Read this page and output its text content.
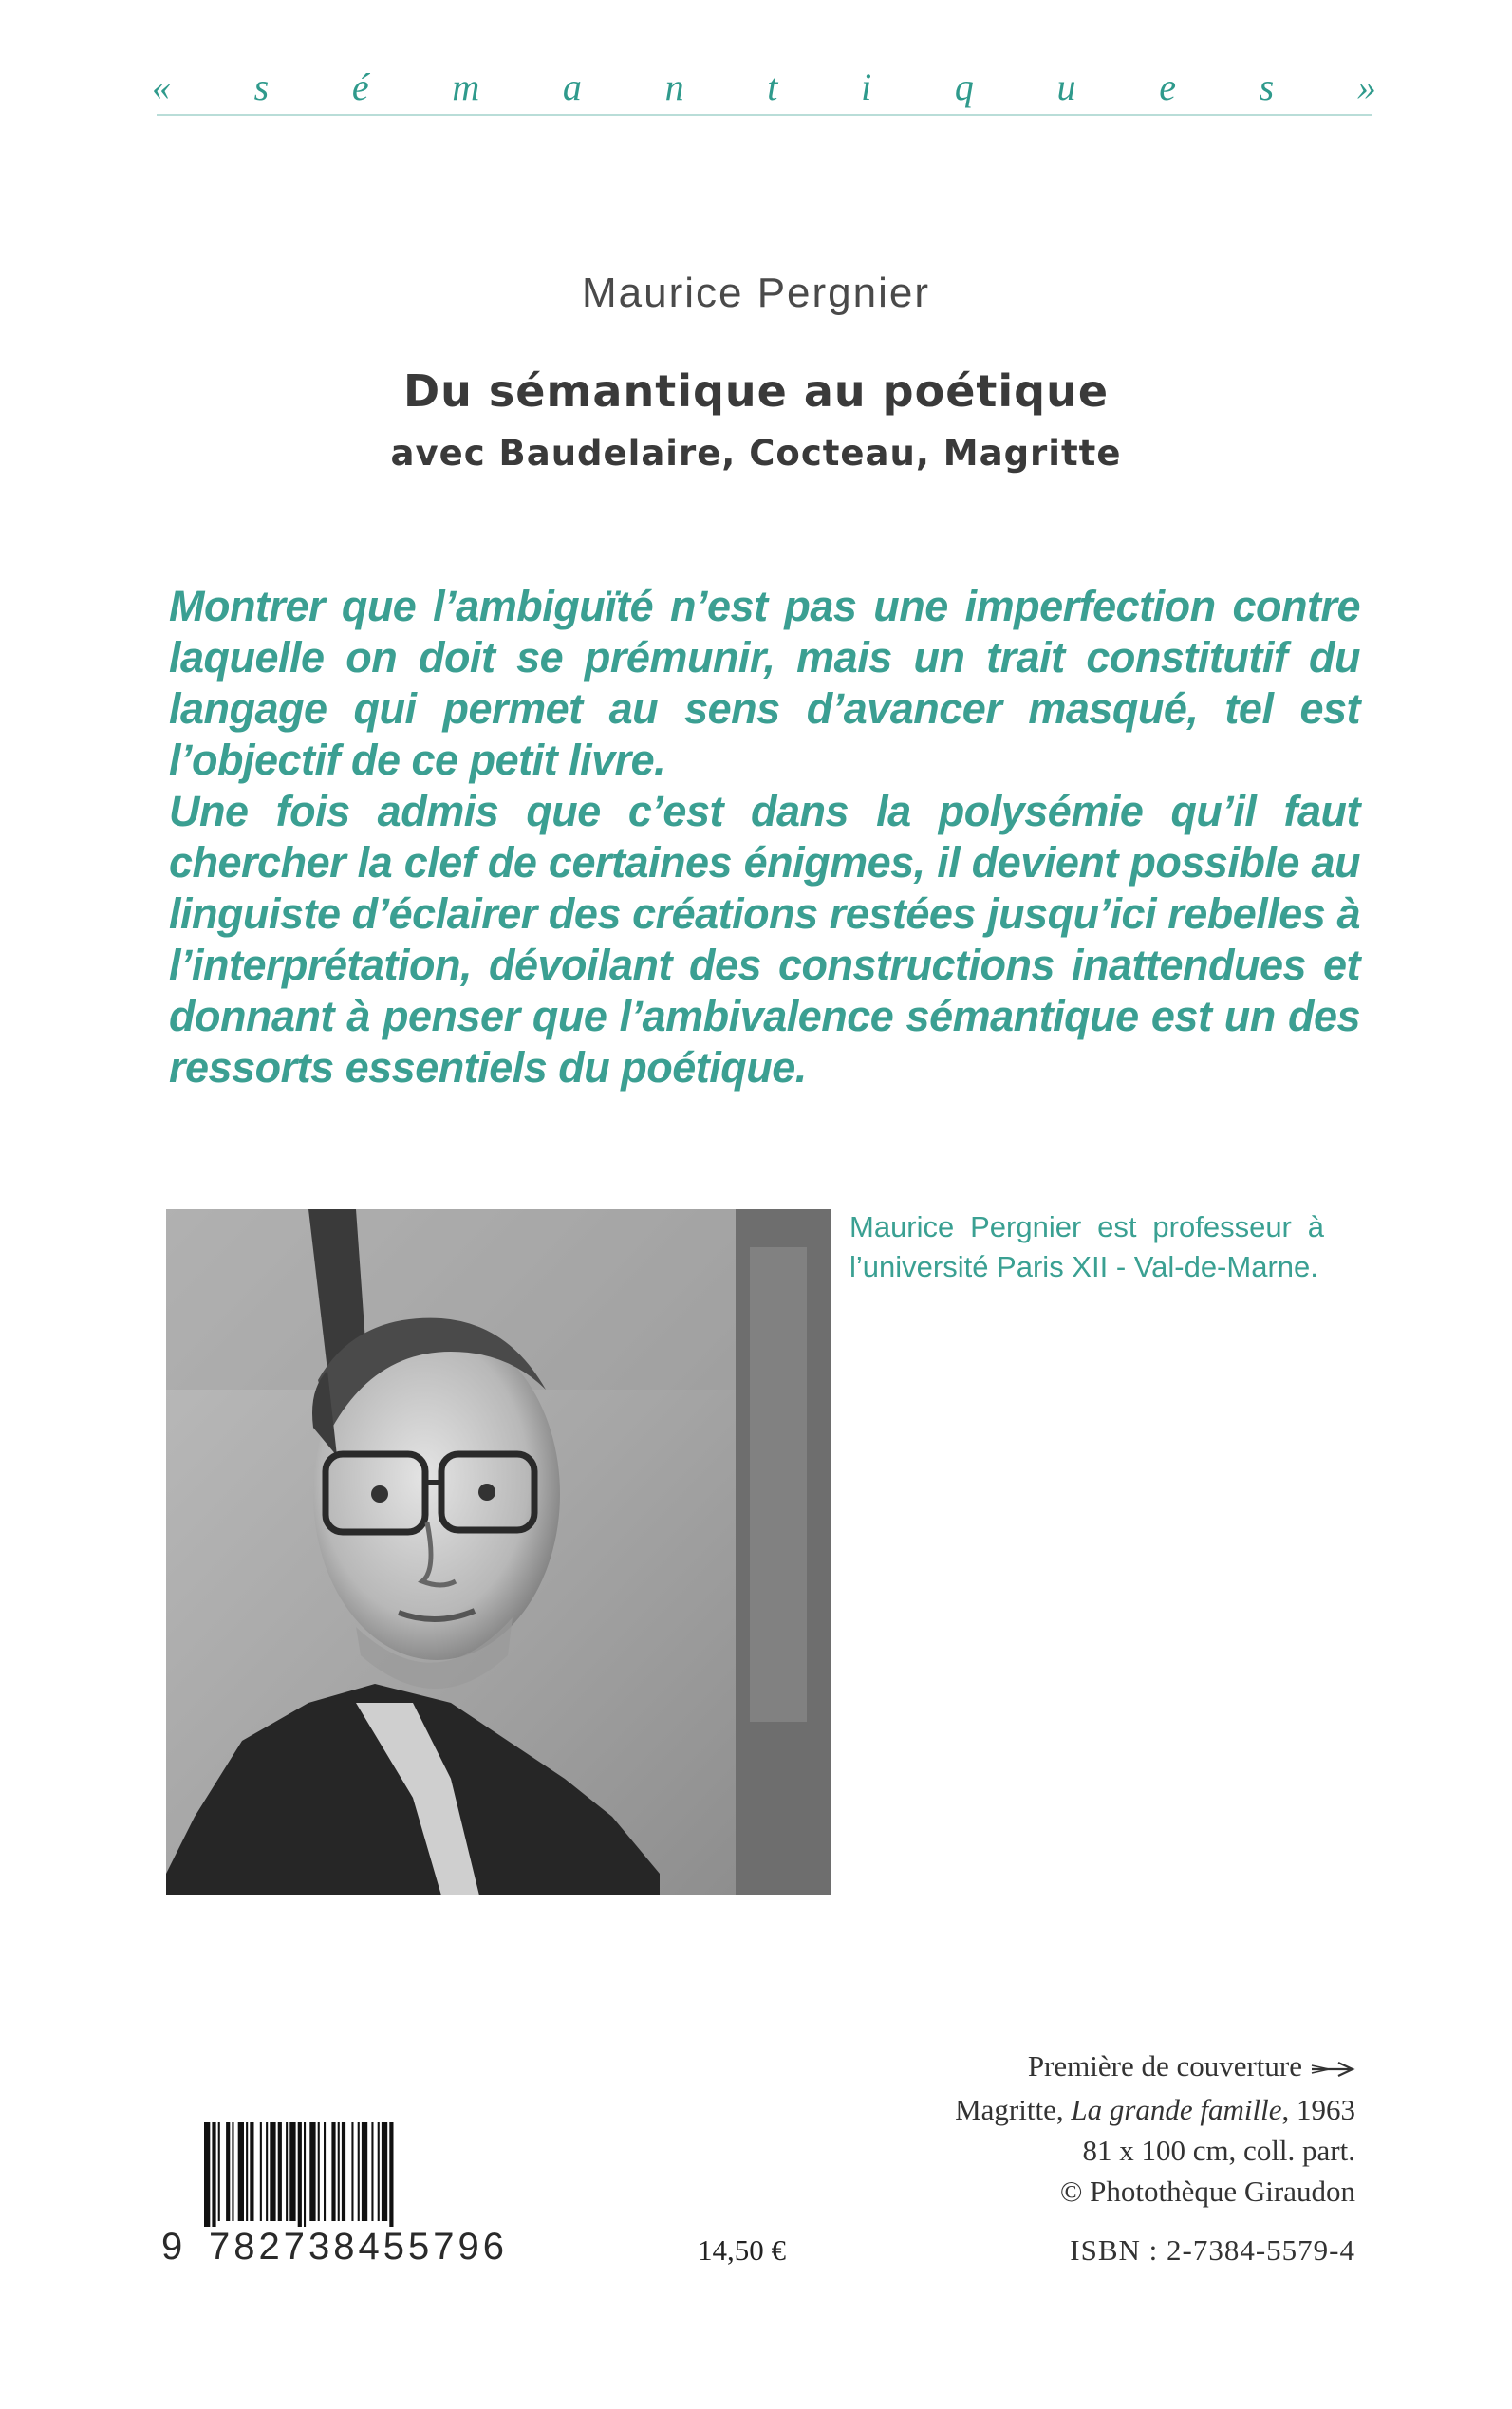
« s é m a n t i q u e s »
Maurice Pergnier
Du sémantique au poétique
avec Baudelaire, Cocteau, Magritte

Montrer que l’ambiguïté n’est pas une imperfection contre laquelle on doit se prémunir, mais un trait constitutif du langage qui permet au sens d’avancer masqué, tel est l’objectif de ce petit livre.

Une fois admis que c’est dans la polysémie qu’il faut chercher la clef de certaines énigmes, il devient possible au linguiste d’éclairer des créations restées jusqu’ici rebelles à l’interprétation, dévoilant des constructions inattendues et donnant à penser que l’ambivalence sémantique est un des ressorts essentiels du poétique.

Maurice Pergnier est professeur à l’université Paris XII - Val-de-Marne.
Première de couverture
Magritte, La grande famille, 1963
81 x 100 cm, coll. part.
© Photothèque Giraudon
9 782738455796	14,50 €	ISBN : 2-7384-5579-4
